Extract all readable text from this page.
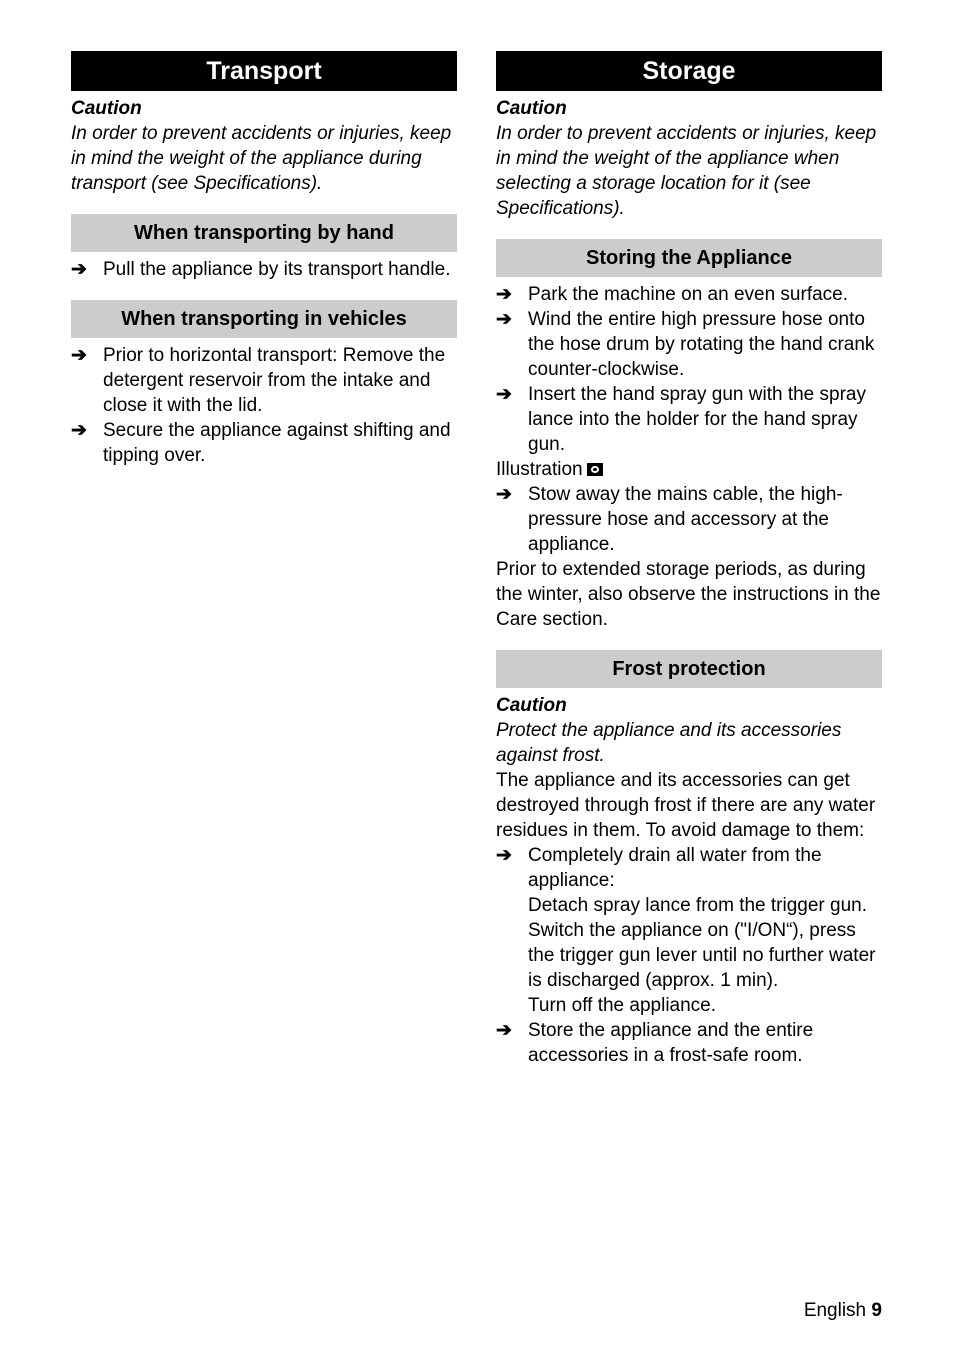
Transport
Caution
In order to prevent accidents or injuries, keep in mind the weight of the appliance during transport (see Specifications).
When transporting by hand
➔ Pull the appliance by its transport handle.
When transporting in vehicles
➔ Prior to horizontal transport: Remove the detergent reservoir from the intake and close it with the lid.
➔ Secure the appliance against shifting and tipping over.
Storage
Caution
In order to prevent accidents or injuries, keep in mind the weight of the appliance when selecting a storage location for it (see Specifications).
Storing the Appliance
➔ Park the machine on an even surface.
➔ Wind the entire high pressure hose onto the hose drum by rotating the hand crank counter-clockwise.
➔ Insert the hand spray gun with the spray lance into the holder for the hand spray gun.
Illustration
➔ Stow away the mains cable, the high-pressure hose and accessory at the appliance.
Prior to extended storage periods, as during the winter, also observe the instructions in the Care section.
Frost protection
Caution
Protect the appliance and its accessories against frost.
The appliance and its accessories can get destroyed through frost if there are any water residues in them. To avoid damage to them:
➔ Completely drain all water from the appliance:
Detach spray lance from the trigger gun.
Switch the appliance on ("I/ON“), press the trigger gun lever until no further water is discharged (approx. 1 min).
Turn off the appliance.
➔ Store the appliance and the entire accessories in a frost-safe room.
English 9
